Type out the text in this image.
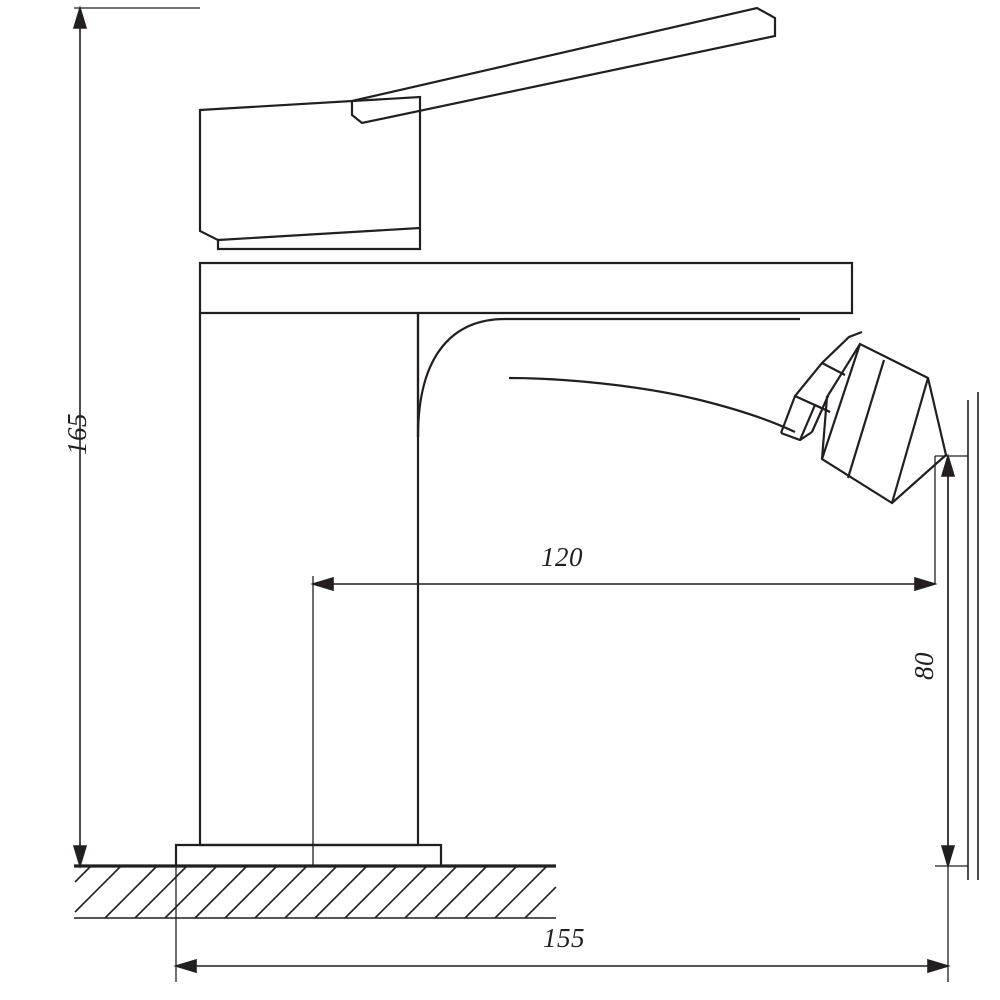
165
120
80
155
